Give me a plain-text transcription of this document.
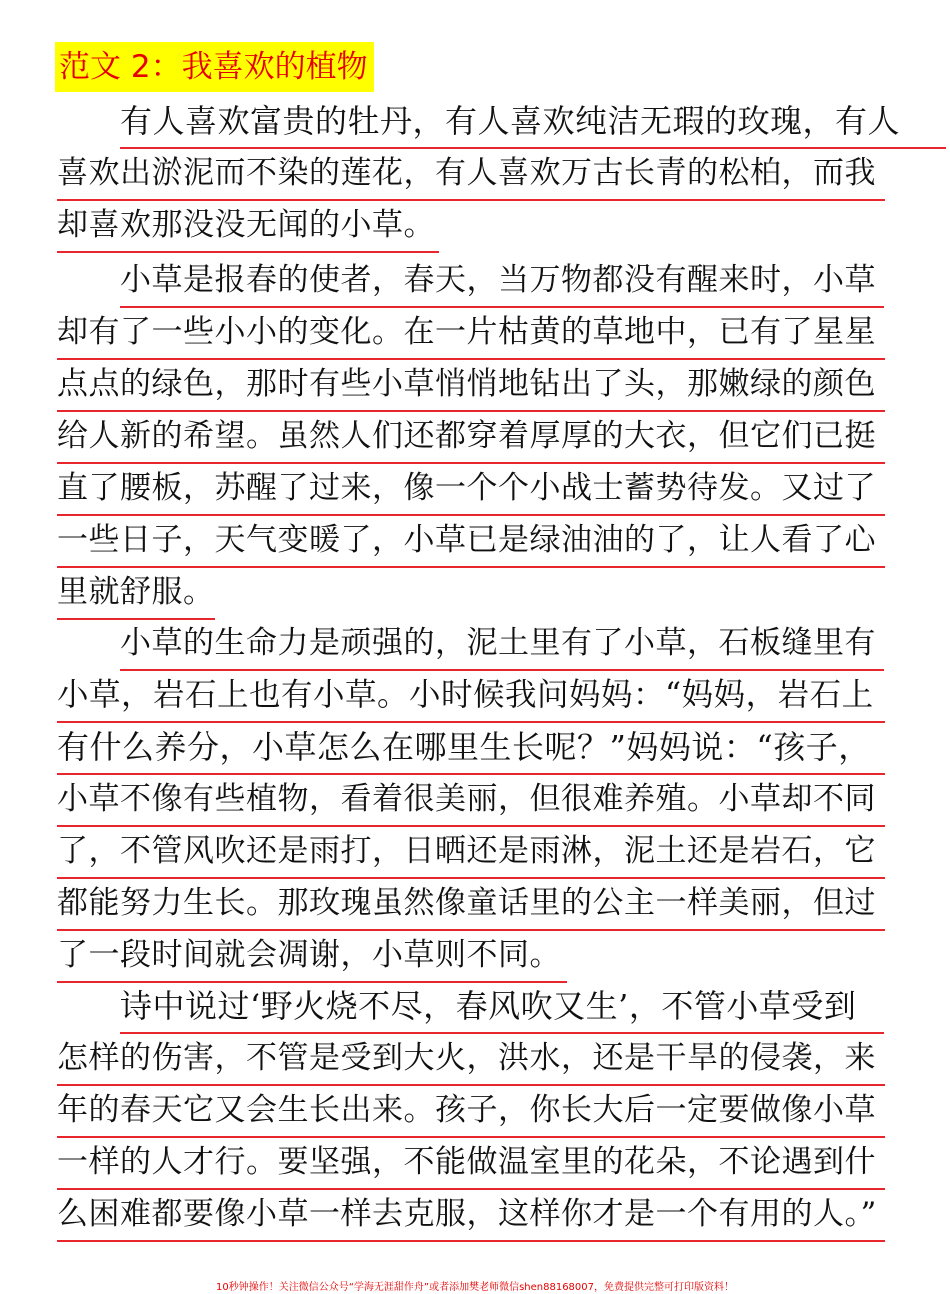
范文 2：我喜欢的植物
有人喜欢富贵的牡丹，有人喜欢纯洁无瑕的玫瑰，有人
喜欢出淤泥而不染的莲花，有人喜欢万古长青的松柏，而我
却喜欢那没没无闻的小草。
小草是报春的使者，春天，当万物都没有醒来时，小草
却有了一些小小的变化。在一片枯黄的草地中，已有了星星
点点的绿色，那时有些小草悄悄地钻出了头，那嫩绿的颜色
给人新的希望。虽然人们还都穿着厚厚的大衣，但它们已挺
直了腰板，苏醒了过来，像一个个小战士蓄势待发。又过了
一些日子，天气变暖了，小草已是绿油油的了，让人看了心
里就舒服。
小草的生命力是顽强的，泥土里有了小草，石板缝里有
小草，岩石上也有小草。小时候我问妈妈：“妈妈，岩石上
有什么养分，小草怎么在哪里生长呢？”妈妈说：“孩子，
小草不像有些植物，看着很美丽，但很难养殖。小草却不同
了，不管风吹还是雨打，日晒还是雨淋，泥土还是岩石，它
都能努力生长。那玫瑰虽然像童话里的公主一样美丽，但过
了一段时间就会凋谢，小草则不同。
诗中说过‘野火烧不尽，春风吹又生’，不管小草受到
怎样的伤害，不管是受到大火，洪水，还是干旱的侵袭，来
年的春天它又会生长出来。孩子，你长大后一定要做像小草
一样的人才行。要坚强，不能做温室里的花朵，不论遇到什
么困难都要像小草一样去克服，这样你才是一个有用的人。”
10秒钟操作！关注微信公众号“学海无涯甜作舟”或者添加樊老师微信shen88168007，免费提供完整可打印版资料！
